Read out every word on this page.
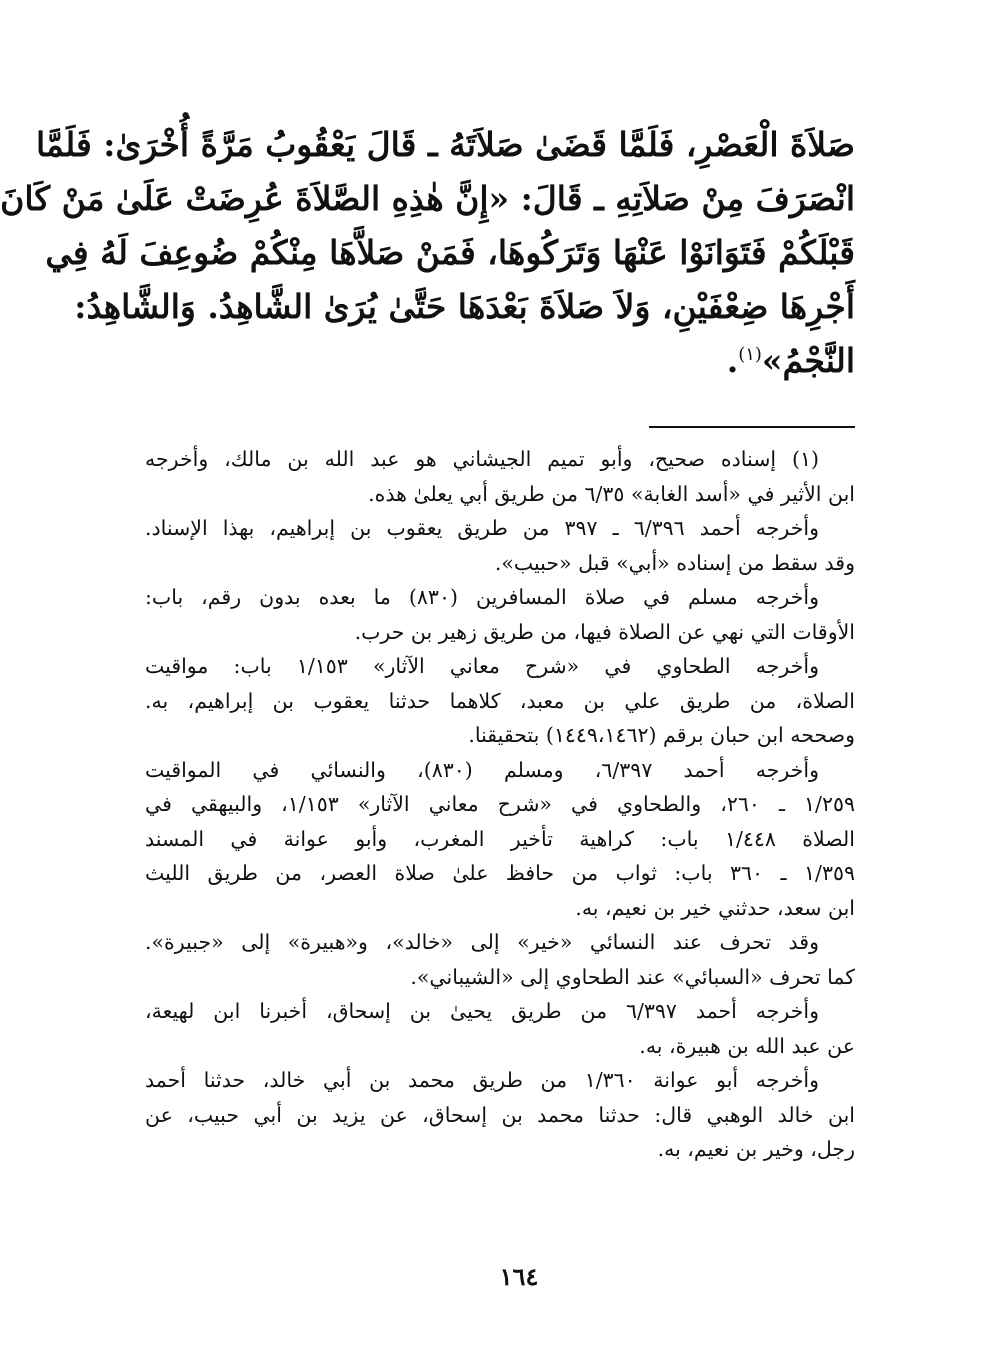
صَلاَةَ الْعَصْرِ، فَلَمَّا قَضَىٰ صَلاَتَهُ ـ قَالَ يَعْقُوبُ مَرَّةً أُخْرَىٰ: فَلَمَّا
انْصَرَفَ مِنْ صَلاَتِهِ ـ قَالَ: «إِنَّ هٰذِهِ الصَّلاَةَ عُرِضَتْ عَلَىٰ مَنْ كَانَ
قَبْلَكُمْ فَتَوَانَوْا عَنْهَا وَتَرَكُوهَا، فَمَنْ صَلاَّهَا مِنْكُمْ ضُوعِفَ لَهُ فِي
أَجْرِهَا ضِعْفَيْنِ، وَلاَ صَلاَةَ بَعْدَهَا حَتَّىٰ يُرَىٰ الشَّاهِدُ. وَالشَّاهِدُ:
النَّجْمُ»$^{(١)}$.

(١) إسناده صحيح، وأبو تميم الجيشاني هو عبد الله بن مالك، وأخرجه
ابن الأثير في «أسد الغابة» ٦/٣٥ من طريق أبي يعلىٰ هذه.

وأخرجه أحمد ٦/٣٩٦ ـ ٣٩٧ من طريق يعقوب بن إبراهيم، بهذا الإسناد.
وقد سقط من إسناده «أبي» قبل «حبيب».

وأخرجه مسلم في صلاة المسافرين (٨٣٠) ما بعده بدون رقم، باب:
الأوقات التي نهي عن الصلاة فيها، من طريق زهير بن حرب.

وأخرجه الطحاوي في «شرح معاني الآثار» ١/١٥٣ باب: مواقيت
الصلاة، من طريق علي بن معبد، كلاهما حدثنا يعقوب بن إبراهيم، به.
وصححه ابن حبان برقم (١٤٤٩،١٤٦٢) بتحقيقنا.

وأخرجه أحمد ٦/٣٩٧، ومسلم (٨٣٠)، والنسائي في المواقيت
١/٢٥٩ ـ ٢٦٠، والطحاوي في «شرح معاني الآثار» ١/١٥٣، والبيهقي في
الصلاة ١/٤٤٨ باب: كراهية تأخير المغرب، وأبو عوانة في المسند
١/٣٥٩ ـ ٣٦٠ باب: ثواب من حافظ علىٰ صلاة العصر، من طريق الليث
ابن سعد، حدثني خير بن نعيم، به.

وقد تحرف عند النسائي «خير» إلى «خالد»، و«هبيرة» إلى «جبيرة».
كما تحرف «السبائي» عند الطحاوي إلى «الشيباني».

وأخرجه أحمد ٦/٣٩٧ من طريق يحيىٰ بن إسحاق، أخبرنا ابن لهيعة،
عن عبد الله بن هبيرة، به.

وأخرجه أبو عوانة ١/٣٦٠ من طريق محمد بن أبي خالد، حدثنا أحمد
ابن خالد الوهبي قال: حدثنا محمد بن إسحاق، عن يزيد بن أبي حبيب، عن
رجل، وخير بن نعيم، به.

١٦٤
